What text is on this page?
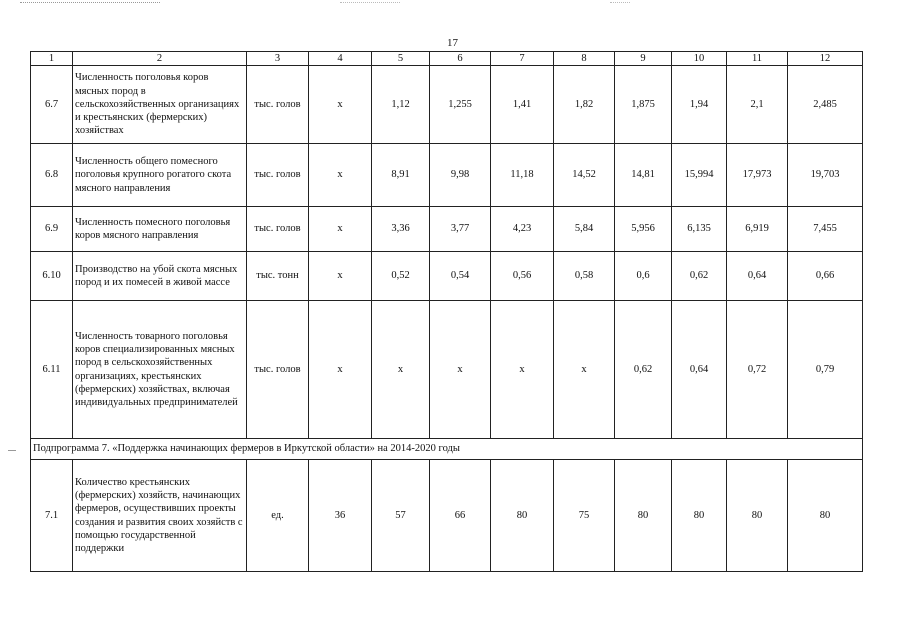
17
1	2	3	4	5	6	7	8	9	10	11	12
6.7	Численность поголовья коров мясных пород в сельскохозяйственных организациях и крестьянских (фермерских) хозяйствах	тыс. голов	х	1,12	1,255	1,41	1,82	1,875	1,94	2,1	2,485
6.8	Численность общего помесного поголовья крупного рогатого скота мясного направления	тыс. голов	х	8,91	9,98	11,18	14,52	14,81	15,994	17,973	19,703
6.9	Численность помесного поголовья коров мясного направления	тыс. голов	х	3,36	3,77	4,23	5,84	5,956	6,135	6,919	7,455
6.10	Производство на убой скота мясных пород и их помесей в живой массе	тыс. тонн	х	0,52	0,54	0,56	0,58	0,6	0,62	0,64	0,66
6.11	Численность товарного поголовья коров специализированных мясных пород в сельскохозяйственных организациях, крестьянских (фермерских) хозяйствах, включая индивидуальных предпринимателей	тыс. голов	х	х	х	х	х	0,62	0,64	0,72	0,79
Подпрограмма 7. «Поддержка начинающих фермеров в Иркутской области» на 2014-2020 годы											
7.1	Количество крестьянских (фермерских) хозяйств, начинающих фермеров, осуществивших проекты создания и развития своих хозяйств с помощью государственной поддержки	ед.	36	57	66	80	75	80	80	80	80
